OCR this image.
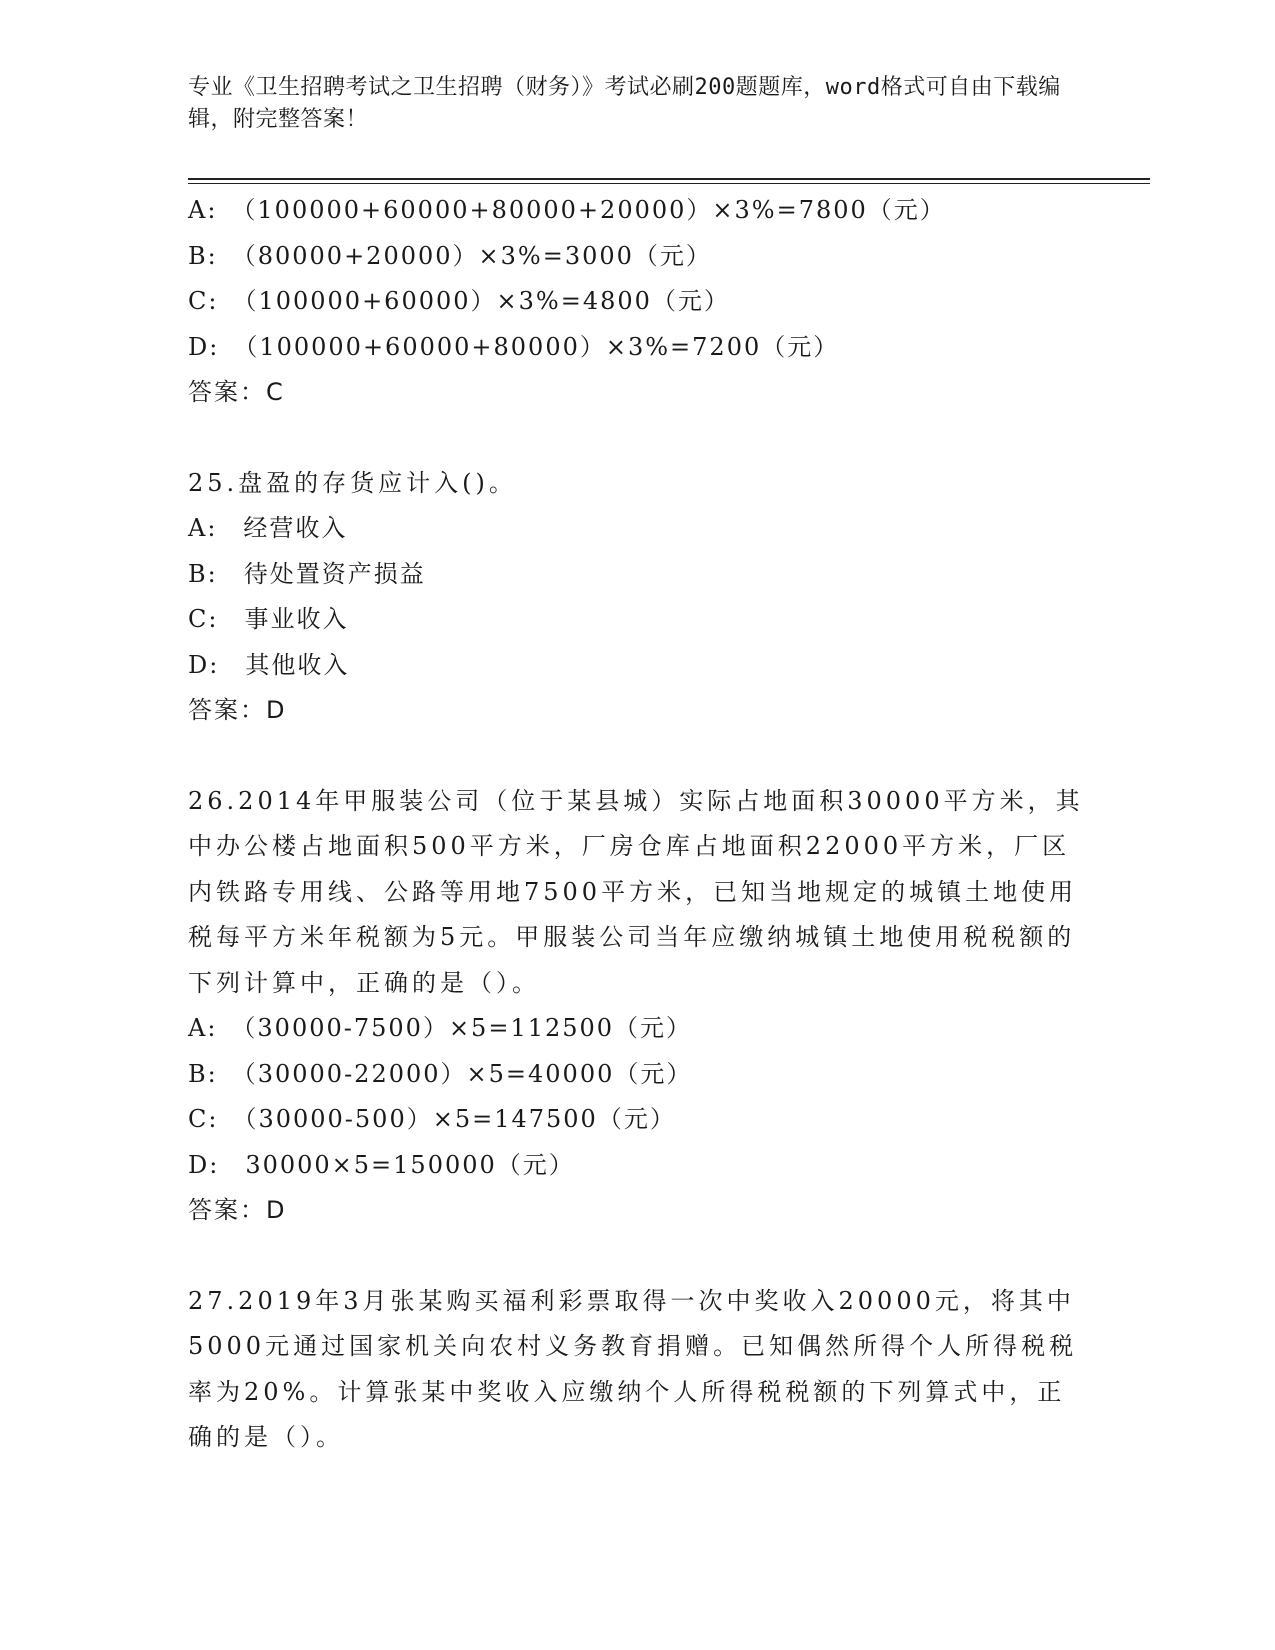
专业《卫生招聘考试之卫生招聘（财务）》考试必刷200题题库，word格式可自由下载编辑，附完整答案！
A:　（100000+60000+80000+20000）×3%=7800（元）
B:　（80000+20000）×3%=3000（元）
C:　（100000+60000）×3%=4800（元）
D:　（100000+60000+80000）×3%=7200（元）
答案：C
25.盘盈的存货应计入()。
A:　经营收入
B:　待处置资产损益
C:　事业收入
D:　其他收入
答案：D
26.2014年甲服装公司（位于某县城）实际占地面积30000平方米，其中办公楼占地面积500平方米，厂房仓库占地面积22000平方米，厂区内铁路专用线、公路等用地7500平方米，已知当地规定的城镇土地使用税每平方米年税额为5元。甲服装公司当年应缴纳城镇土地使用税税额的下列计算中，正确的是（）。
A:　（30000-7500）×5=112500（元）
B:　（30000-22000）×5=40000（元）
C:　（30000-500）×5=147500（元）
D:　30000×5=150000（元）
答案：D
27.2019年3月张某购买福利彩票取得一次中奖收入20000元，将其中5000元通过国家机关向农村义务教育捐赠。已知偶然所得个人所得税税率为20%。计算张某中奖收入应缴纳个人所得税税额的下列算式中，正确的是（）。
